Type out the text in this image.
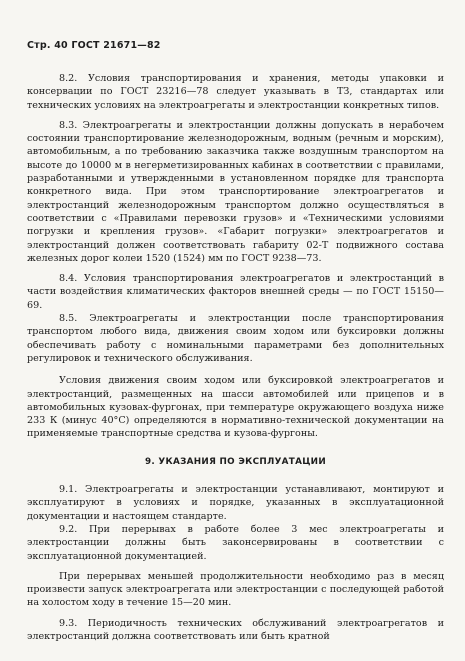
Стр. 40 ГОСТ 21671—82

8.2. Условия транспортирования и хранения, методы упаковки и консервации по ГОСТ 23216—78 следует указывать в ТЗ, стандартах или технических условиях на электроагрегаты и электростанции конкретных типов.

8.3. Электроагрегаты и электростанции должны допускать в нерабочем состоянии транспортирование железнодорожным, водным (речным и морским), автомобильным, а по требованию заказчика также воздушным транспортом на высоте до 10000 м в негерметизированных кабинах в соответствии с правилами, разработанными и утвержденными в установленном порядке для транспорта конкретного вида. При этом транспортирование электроагрегатов и электростанций железнодорожным транспортом должно осуществляться в соответствии с «Правилами перевозки грузов» и «Техническими условиями погрузки и крепления грузов». «Габарит погрузки» электроагрегатов и электростанций должен соответствовать габариту 02-Т подвижного состава железных дорог колеи 1520 (1524) мм по ГОСТ 9238—73.

8.4. Условия транспортирования электроагрегатов и электростанций в части воздействия климатических факторов внешней среды — по ГОСТ 15150—69.

8.5. Электроагрегаты и электростанции после транспортирования транспортом любого вида, движения своим ходом или буксировки должны обеспечивать работу с номинальными параметрами без дополнительных регулировок и технического обслуживания.

Условия движения своим ходом или буксировкой электроагрегатов и электростанций, размещенных на шасси автомобилей или прицепов и в автомобильных кузовах-фургонах, при температуре окружающего воздуха ниже 233 К (минус 40°С) определяются в нормативно-технической документации на применяемые транспортные средства и кузова-фургоны.

9. УКАЗАНИЯ ПО ЭКСПЛУАТАЦИИ

9.1. Электроагрегаты и электростанции устанавливают, монтируют и эксплуатируют в условиях и порядке, указанных в эксплуатационной документации и настоящем стандарте.

9.2. При перерывах в работе более 3 мес электроагрегаты и электростанции должны быть законсервированы в соответствии с эксплуатационной документацией.

При перерывах меньшей продолжительности необходимо раз в месяц произвести запуск электроагрегата или электростанции с последующей работой на холостом ходу в течение 15—20 мин.

9.3. Периодичность технических обслуживаний электроагрегатов и электростанций должна соответствовать или быть кратной
